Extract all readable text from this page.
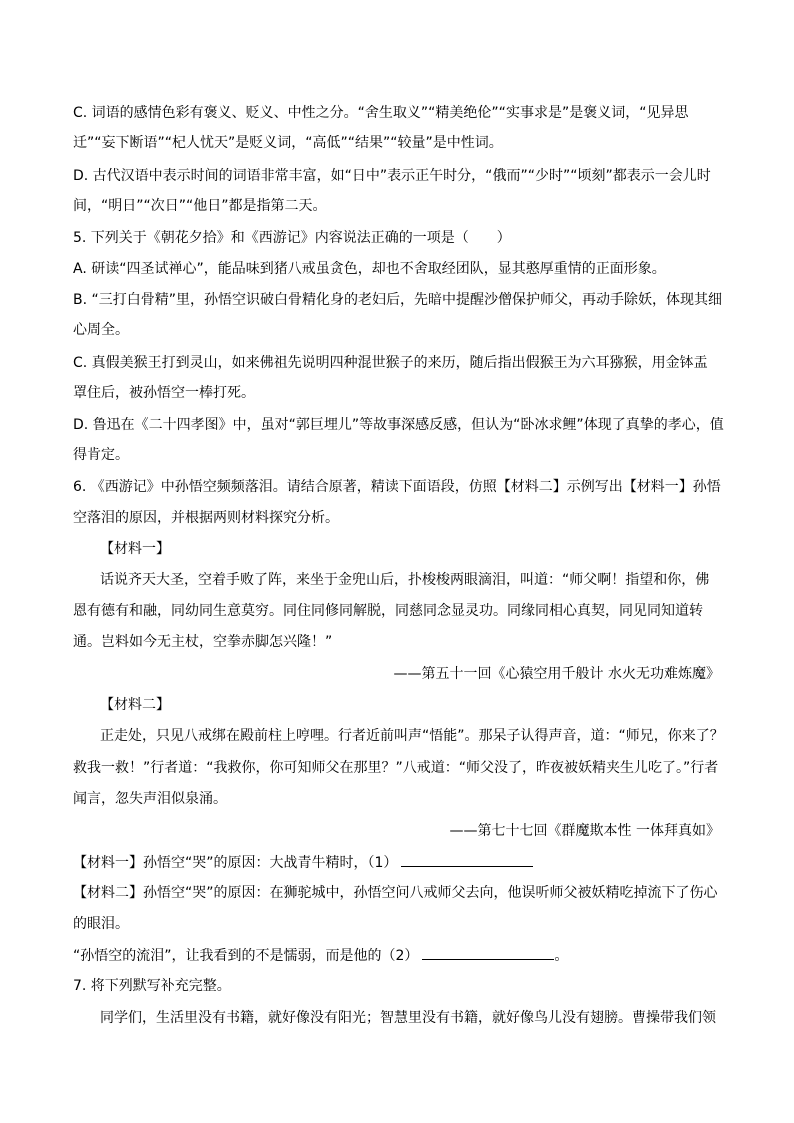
C. 词语的感情色彩有褒义、贬义、中性之分。“舍生取义”“精美绝伦”“实事求是”是褒义词，“见异思
迁”“妄下断语”“杞人忧天”是贬义词，“高低”“结果”“较量”是中性词。
D. 古代汉语中表示时间的词语非常丰富，如“日中”表示正午时分，“俄而”“少时”“顷刻”都表示一会儿时
间，“明日”“次日”“他日”都是指第二天。
5. 下列关于《朝花夕拾》和《西游记》内容说法正确的一项是（　　）
A. 研读“四圣试禅心”，能品味到猪八戒虽贪色，却也不舍取经团队，显其憨厚重情的正面形象。
B. “三打白骨精”里，孙悟空识破白骨精化身的老妇后，先暗中提醒沙僧保护师父，再动手除妖，体现其细
心周全。
C. 真假美猴王打到灵山，如来佛祖先说明四种混世猴子的来历，随后指出假猴王为六耳猕猴，用金钵盂
罩住后，被孙悟空一棒打死。
D. 鲁迅在《二十四孝图》中，虽对“郭巨埋儿”等故事深感反感，但认为“卧冰求鲤”体现了真挚的孝心，值
得肯定。
6. 《西游记》中孙悟空频频落泪。请结合原著，精读下面语段，仿照【材料二】示例写出【材料一】孙悟
空落泪的原因，并根据两则材料探究分析。
【材料一】
话说齐天大圣，空着手败了阵，来坐于金兜山后，扑梭梭两眼滴泪，叫道：“师父啊！指望和你，佛
恩有德有和融，同幼同生意莫穷。同住同修同解脱，同慈同念显灵功。同缘同相心真契，同见同知道转
通。岂料如今无主杖，空拳赤脚怎兴隆！”
——第五十一回《心猿空用千般计 水火无功难炼魔》
【材料二】
正走处，只见八戒绑在殿前柱上哼哩。行者近前叫声“悟能”。那呆子认得声音，道：“师兄，你来了？
救我一救！”行者道：“我救你，你可知师父在那里？”八戒道：“师父没了，昨夜被妖精夹生儿吃了。”行者
闻言，忽失声泪似泉涌。
——第七十七回《群魔欺本性 一体拜真如》
【材料一】孙悟空“哭”的原因：大战青牛精时，（1）
【材料二】孙悟空“哭”的原因：在狮驼城中，孙悟空问八戒师父去向，他误听师父被妖精吃掉流下了伤心
的眼泪。
“孙悟空的流泪”，让我看到的不是懦弱，而是他的（2）	。
7. 将下列默写补充完整。
同学们，生活里没有书籍，就好像没有阳光；智慧里没有书籍，就好像鸟儿没有翅膀。曹操带我们领
